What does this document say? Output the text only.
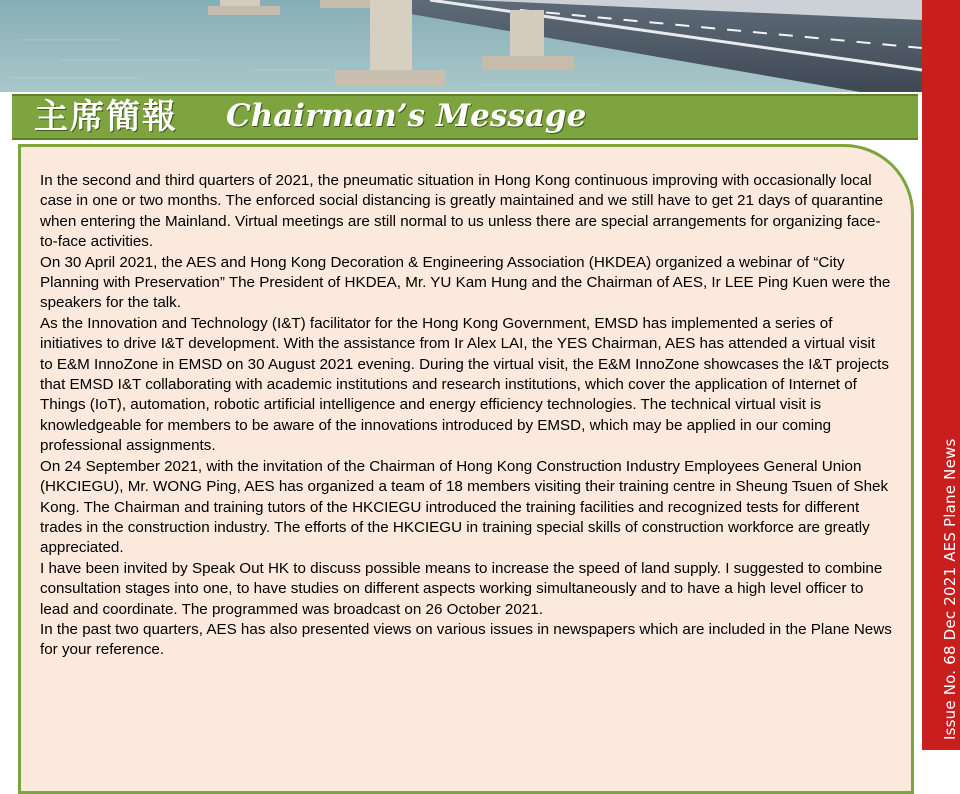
Issue No. 68 Dec 2021 AES Plane News
主席簡報 Chairman’s Message

In the second and third quarters of 2021, the pneumatic situation in Hong Kong continuous improving with occasionally local case in one or two months. The enforced social distancing is greatly maintained and we still have to get 21 days of quarantine when entering the Mainland. Virtual meetings are still normal to us unless there are special arrangements for organizing face-to-face activities.

On 30 April 2021, the AES and Hong Kong Decoration & Engineering Association (HKDEA) organized a webinar of “City Planning with Preservation” The President of HKDEA, Mr. YU Kam Hung and the Chairman of AES, Ir LEE Ping Kuen were the speakers for the talk.

As the Innovation and Technology (I&T) facilitator for the Hong Kong Government, EMSD has implemented a series of initiatives to drive I&T development. With the assistance from Ir Alex LAI, the YES Chairman, AES has attended a virtual visit to E&M InnoZone in EMSD on 30 August 2021 evening. During the virtual visit, the E&M InnoZone showcases the I&T projects that EMSD I&T collaborating with academic institutions and research institutions, which cover the application of Internet of Things (IoT), automation, robotic artificial intelligence and energy efficiency technologies. The technical virtual visit is knowledgeable for members to be aware of the innovations introduced by EMSD, which may be applied in our coming professional assignments.

On 24 September 2021, with the invitation of the Chairman of Hong Kong Construction Industry Employees General Union (HKCIEGU), Mr. WONG Ping, AES has organized a team of 18 members visiting their training centre in Sheung Tsuen of Shek Kong. The Chairman and training tutors of the HKCIEGU introduced the training facilities and recognized tests for different trades in the construction industry. The efforts of the HKCIEGU in training special skills of construction workforce are greatly appreciated.

I have been invited by Speak Out HK to discuss possible means to increase the speed of land supply. I suggested to combine consultation stages into one, to have studies on different aspects working simultaneously and to have a high level officer to lead and coordinate. The programmed was broadcast on 26 October 2021.

In the past two quarters, AES has also presented views on various issues in newspapers which are included in the Plane News for your reference.
